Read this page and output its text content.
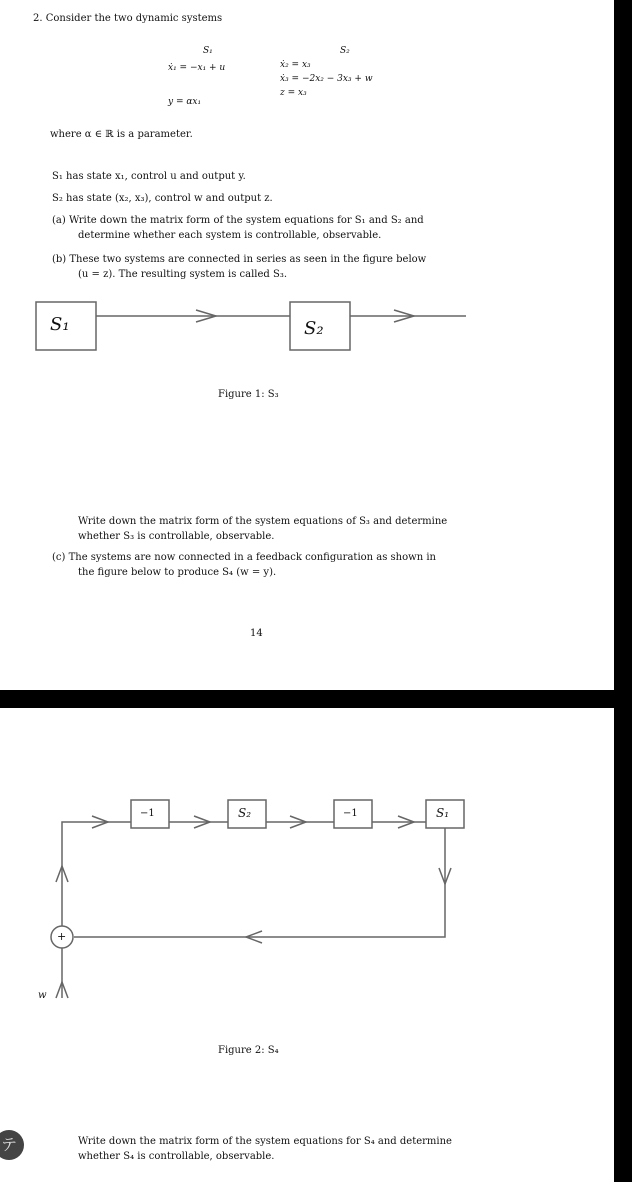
2. Consider the two dynamic systems
S₁	S₂
ẋ₁ = −x₁ + u
y = αx₁
ẋ₂ = x₃
ẋ₃ = −2x₂ − 3x₃ + w
z = x₃
where α ∈ ℝ is a parameter.
S₁ has state x₁, control u and output y.
S₂ has state (x₂, x₃), control w and output z.
(a) Write down the matrix form of the system equations for S₁ and S₂ and
determine whether each system is controllable, observable.
(b) These two systems are connected in series as seen in the figure below
(u = z). The resulting system is called S₃.
S₁	S₂
Figure 1: S₃
Write down the matrix form of the system equations of S₃ and determine
whether S₃ is controllable, observable.
(c) The systems are now connected in a feedback configuration as shown in
the figure below to produce S₄ (w = y).
14
−1	S₂	−1	S₁
+
w
Figure 2: S₄
Write down the matrix form of the system equations for S₄ and determine
whether S₄ is controllable, observable.
テ
